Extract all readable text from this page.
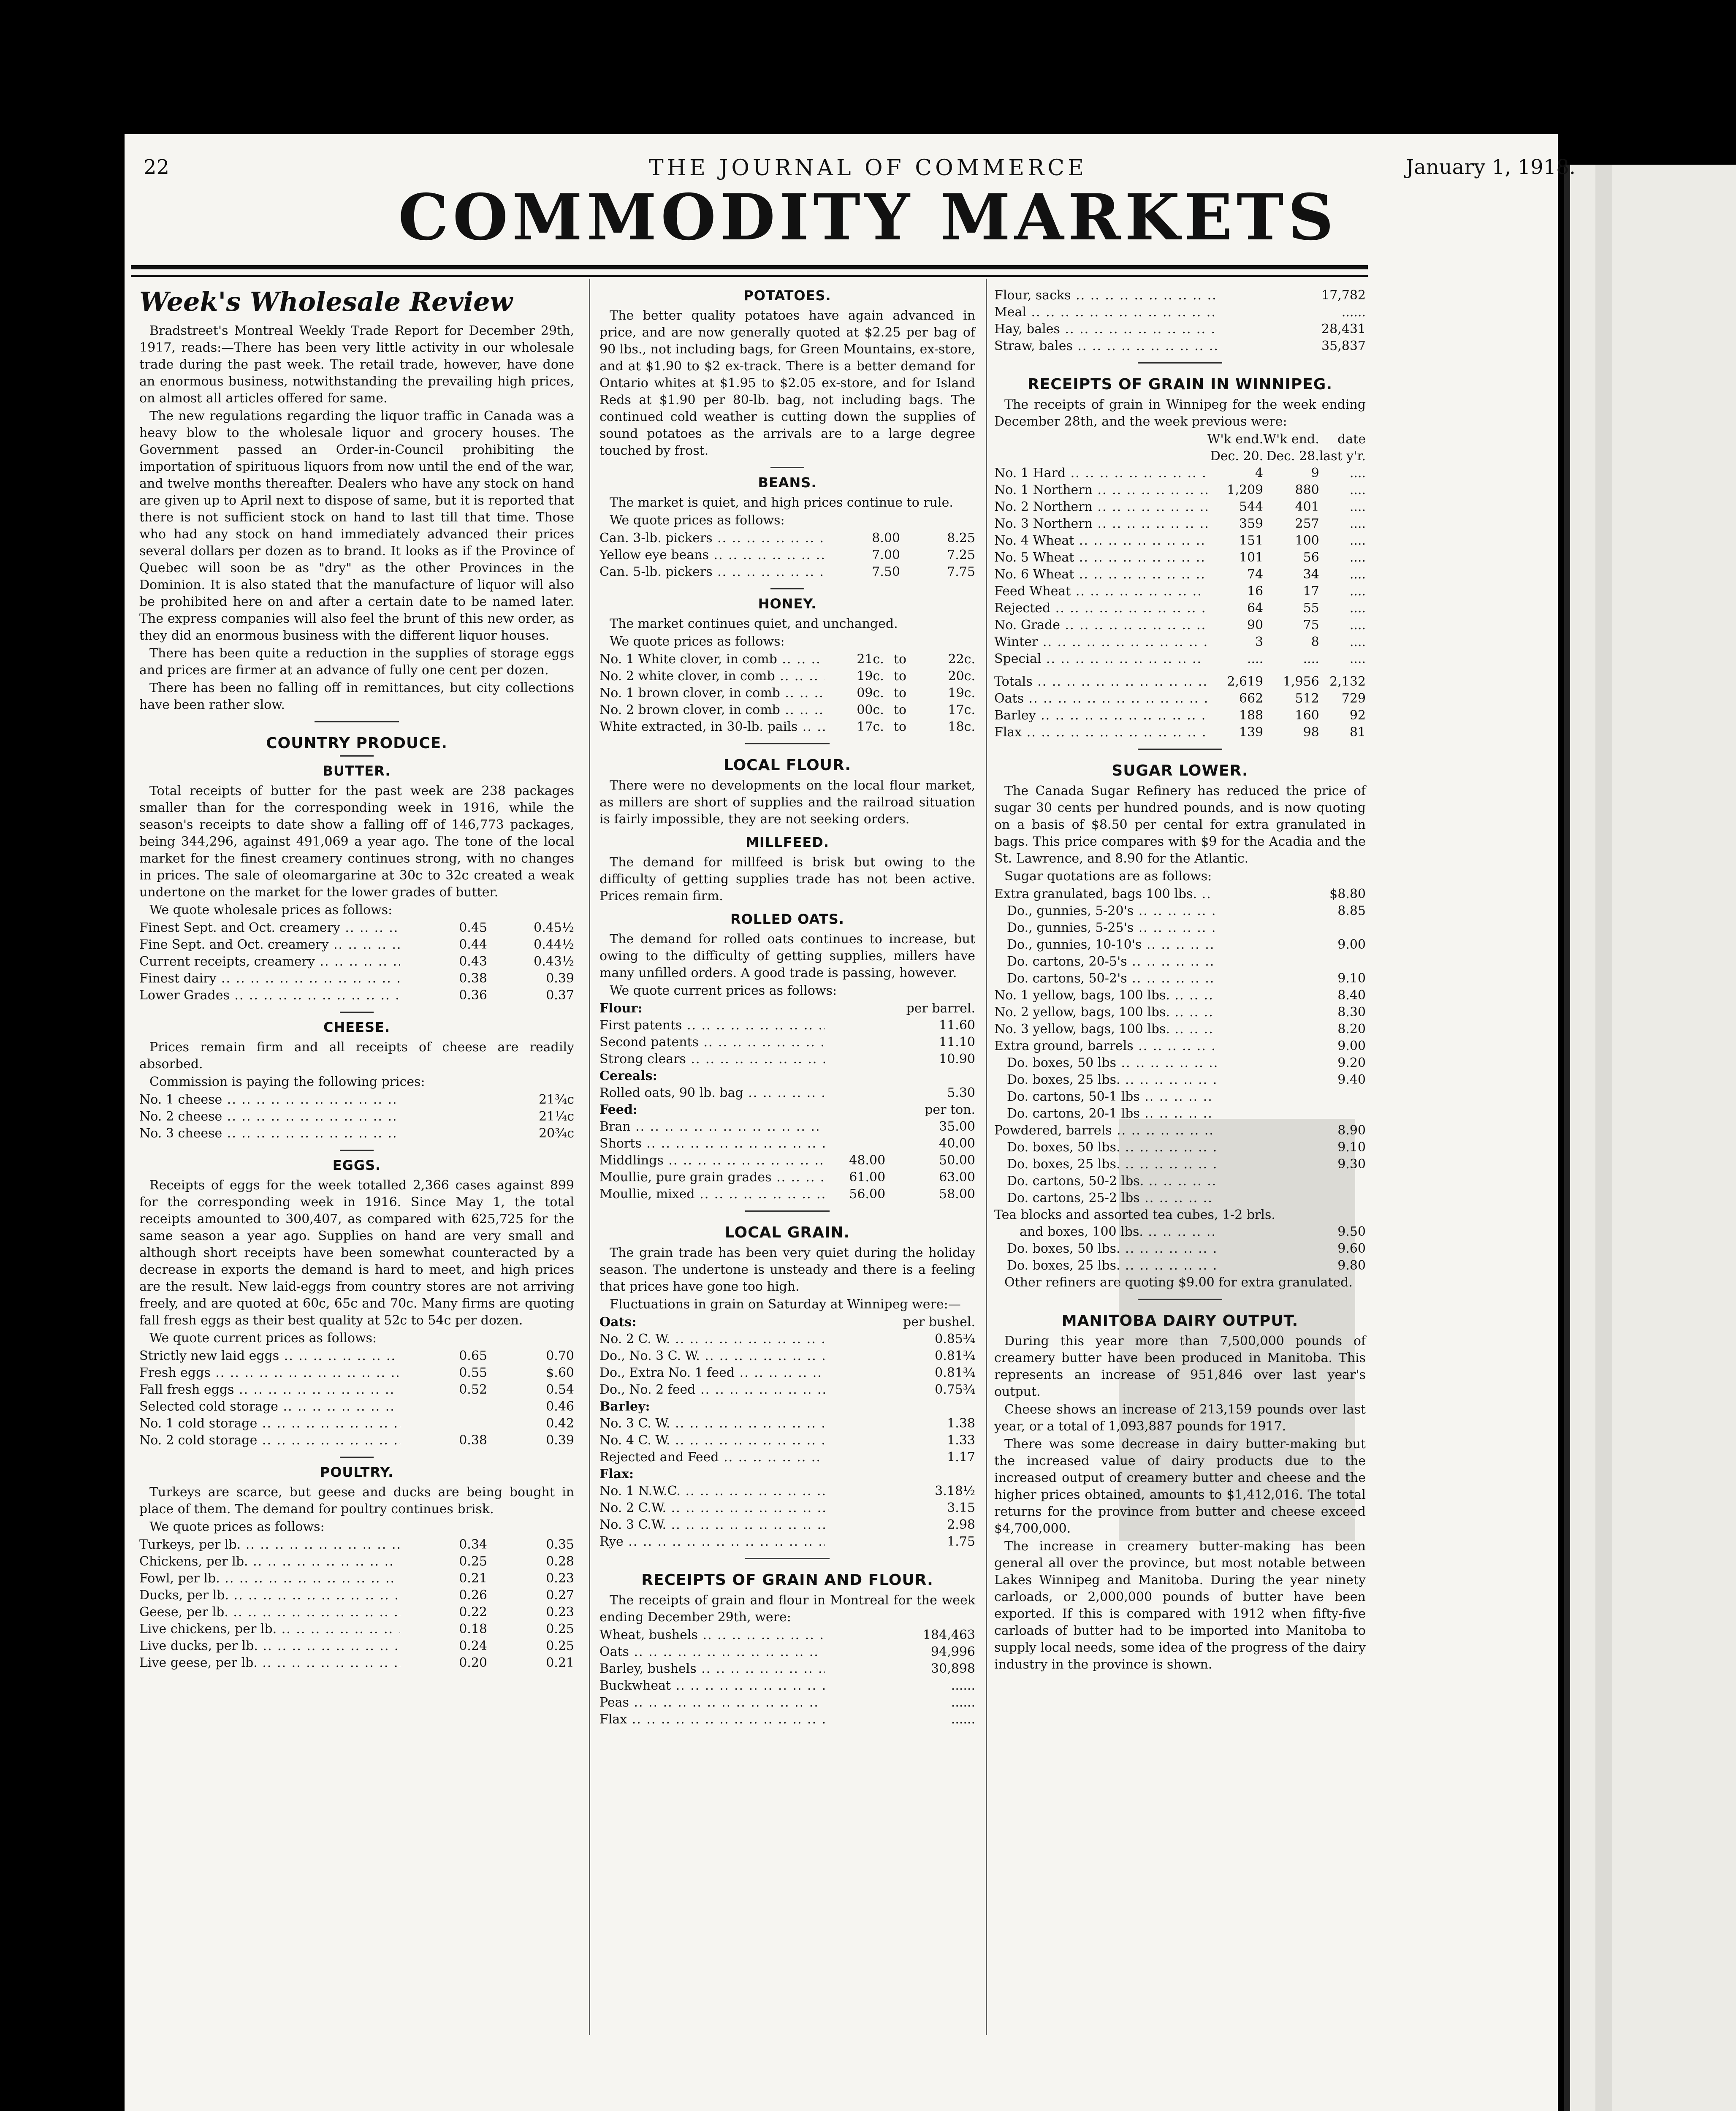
22	THE JOURNAL OF COMMERCE	January 1, 1918.
COMMODITY MARKETS
Week's Wholesale Review

Bradstreet's Montreal Weekly Trade Report for December 29th, 1917, reads:—There has been very little activity in our wholesale trade during the past week. The retail trade, however, have done an enormous business, notwithstanding the prevailing high prices, on almost all articles offered for same.

The new regulations regarding the liquor traffic in Canada was a heavy blow to the wholesale liquor and grocery houses. The Government passed an Order-in-Council prohibiting the importation of spirituous liquors from now until the end of the war, and twelve months thereafter. Dealers who have any stock on hand are given up to April next to dispose of same, but it is reported that there is not sufficient stock on hand to last till that time. Those who had any stock on hand immediately advanced their prices several dollars per dozen as to brand. It looks as if the Province of Quebec will soon be as "dry" as the other Provinces in the Dominion. It is also stated that the manufacture of liquor will also be prohibited here on and after a certain date to be named later. The express companies will also feel the brunt of this new order, as they did an enormous business with the different liquor houses.

There has been quite a reduction in the supplies of storage eggs and prices are firmer at an advance of fully one cent per dozen.

There has been no falling off in remittances, but city collections have been rather slow.

COUNTRY PRODUCE.
BUTTER.

Total receipts of butter for the past week are 238 packages smaller than for the corresponding week in 1916, while the season's receipts to date show a falling off of 146,773 packages, being 344,296, against 491,069 a year ago. The tone of the local market for the finest creamery continues strong, with no changes in prices. The sale of oleomargarine at 30c to 32c created a weak undertone on the market for the lower grades of butter.

We quote wholesale prices as follows:

Finest Sept. and Oct. creamery .. ..	0.45	0.45½
Fine Sept. and Oct. creamery .. ..	0.44	0.44½
Current receipts, creamery .. ..	0.43	0.43½
Finest dairy .. ..	0.38	0.39
Lower Grades .. ..	0.36	0.37
CHEESE.

Prices remain firm and all receipts of cheese are readily absorbed.

Commission is paying the following prices:

No. 1 cheese .. ..	21¾c
No. 2 cheese .. ..	21¼c
No. 3 cheese .. ..	20¾c
EGGS.

Receipts of eggs for the week totalled 2,366 cases against 899 for the corresponding week in 1916. Since May 1, the total receipts amounted to 300,407, as compared with 625,725 for the same season a year ago. Supplies on hand are very small and although short receipts have been somewhat counteracted by a decrease in exports the demand is hard to meet, and high prices are the result. New laid-eggs from country stores are not arriving freely, and are quoted at 60c, 65c and 70c. Many firms are quoting fall fresh eggs as their best quality at 52c to 54c per dozen.

We quote current prices as follows:

Strictly new laid eggs .. ..	0.65	0.70
Fresh eggs .. ..	0.55	$.60
Fall fresh eggs .. ..	0.52	0.54
Selected cold storage .. ..		0.46
No. 1 cold storage .. ..		0.42
No. 2 cold storage .. ..	0.38	0.39
POULTRY.

Turkeys are scarce, but geese and ducks are being bought in place of them. The demand for poultry continues brisk.

We quote prices as follows:

Turkeys, per lb. .. ..	0.34	0.35
Chickens, per lb. .. ..	0.25	0.28
Fowl, per lb. .. ..	0.21	0.23
Ducks, per lb. .. ..	0.26	0.27
Geese, per lb. .. ..	0.22	0.23
Live chickens, per lb. .. ..	0.18	0.25
Live ducks, per lb. .. ..	0.24	0.25
Live geese, per lb. .. ..	0.20	0.21
POTATOES.

The better quality potatoes have again advanced in price, and are now generally quoted at $2.25 per bag of 90 lbs., not including bags, for Green Mountains, ex-store, and at $1.90 to $2 ex-track. There is a better demand for Ontario whites at $1.95 to $2.05 ex-store, and for Island Reds at $1.90 per 80-lb. bag, not including bags. The continued cold weather is cutting down the supplies of sound potatoes as the arrivals are to a large degree touched by frost.

BEANS.

The market is quiet, and high prices continue to rule.

We quote prices as follows:

Can. 3-lb. pickers .. ..	8.00	8.25
Yellow eye beans .. ..	7.00	7.25
Can. 5-lb. pickers .. ..	7.50	7.75
HONEY.

The market continues quiet, and unchanged.

We quote prices as follows:

No. 1 White clover, in comb .. ..	21c.	to	22c.
No. 2 white clover, in comb .. ..	19c.	to	20c.
No. 1 brown clover, in comb .. ..	09c.	to	19c.
No. 2 brown clover, in comb .. ..	00c.	to	17c.
White extracted, in 30-lb. pails .. ..	17c.	to	18c.
LOCAL FLOUR.

There were no developments on the local flour market, as millers are short of supplies and the railroad situation is fairly impossible, they are not seeking orders.

MILLFEED.

The demand for millfeed is brisk but owing to the difficulty of getting supplies trade has not been active. Prices remain firm.

ROLLED OATS.

The demand for rolled oats continues to increase, but owing to the difficulty of getting supplies, millers have many unfilled orders. A good trade is passing, however.

We quote current prices as follows:

Flour:		per barrel.
First patents .. ..		11.60
Second patents .. ..		11.10
Strong clears .. ..		10.90
Cereals:		
Rolled oats, 90 lb. bag .. ..		5.30
Feed:		per ton.
Bran .. ..		35.00
Shorts .. ..		40.00
Middlings .. ..	48.00	50.00
Moullie, pure grain grades .. ..	61.00	63.00
Moullie, mixed .. ..	56.00	58.00
LOCAL GRAIN.

The grain trade has been very quiet during the holiday season. The undertone is unsteady and there is a feeling that prices have gone too high.

Fluctuations in grain on Saturday at Winnipeg were:—

Oats:	per bushel.
No. 2 C. W. .. ..	0.85¾
Do., No. 3 C. W. .. ..	0.81¾
Do., Extra No. 1 feed .. ..	0.81¾
Do., No. 2 feed .. ..	0.75¾
Barley:	
No. 3 C. W. .. ..	1.38
No. 4 C. W. .. ..	1.33
Rejected and Feed .. ..	1.17
Flax:	
No. 1 N.W.C. .. ..	3.18½
No. 2 C.W. .. ..	3.15
No. 3 C.W. .. ..	2.98
Rye .. ..	1.75
RECEIPTS OF GRAIN AND FLOUR.

The receipts of grain and flour in Montreal for the week ending December 29th, were:

Wheat, bushels .. ..	184,463
Oats .. ..	94,996
Barley, bushels .. ..	30,898
Buckwheat .. ..	......
Peas .. ..	......
Flax .. ..	......
Flour, sacks .. ..	17,782
Meal .. ..	......
Hay, bales .. ..	28,431
Straw, bales .. ..	35,837
RECEIPTS OF GRAIN IN WINNIPEG.

The receipts of grain in Winnipeg for the week ending December 28th, and the week previous were:

	W'k end.	W'k end.	date
	Dec. 20.	Dec. 28.	last y'r.
No. 1 Hard .. ..	4	9	....
No. 1 Northern .. ..	1,209	880	....
No. 2 Northern .. ..	544	401	....
No. 3 Northern .. ..	359	257	....
No. 4 Wheat .. ..	151	100	....
No. 5 Wheat .. ..	101	56	....
No. 6 Wheat .. ..	74	34	....
Feed Wheat .. ..	16	17	....
Rejected .. ..	64	55	....
No. Grade .. ..	90	75	....
Winter .. ..	3	8	....
Special .. ..	....	....	....
Totals .. ..	2,619	1,956	2,132
Oats .. ..	662	512	729
Barley .. ..	188	160	92
Flax .. ..	139	98	81
SUGAR LOWER.

The Canada Sugar Refinery has reduced the price of sugar 30 cents per hundred pounds, and is now quoting on a basis of $8.50 per cental for extra granulated in bags. This price compares with $9 for the Acadia and the St. Lawrence, and 8.90 for the Atlantic.

Sugar quotations are as follows:

Extra granulated, bags 100 lbs. .. ..	$8.80
Do., gunnies, 5-20's .. ..	8.85
Do., gunnies, 5-25's .. ..	
Do., gunnies, 10-10's .. ..	9.00
Do. cartons, 20-5's .. ..	
Do. cartons, 50-2's .. ..	9.10
No. 1 yellow, bags, 100 lbs. .. ..	8.40
No. 2 yellow, bags, 100 lbs. .. ..	8.30
No. 3 yellow, bags, 100 lbs. .. ..	8.20
Extra ground, barrels .. ..	9.00
Do. boxes, 50 lbs .. ..	9.20
Do. boxes, 25 lbs. .. ..	9.40
Do. cartons, 50-1 lbs .. ..	
Do. cartons, 20-1 lbs .. ..	
Powdered, barrels .. ..	8.90
Do. boxes, 50 lbs. .. ..	9.10
Do. boxes, 25 lbs. .. ..	9.30
Do. cartons, 50-2 lbs. .. ..	
Do. cartons, 25-2 lbs .. ..	
Tea blocks and assorted tea cubes, 1-2 brls.	
and boxes, 100 lbs. .. ..	9.50
Do. boxes, 50 lbs. .. ..	9.60
Do. boxes, 25 lbs. .. ..	9.80

Other refiners are quoting $9.00 for extra granulated.

MANITOBA DAIRY OUTPUT.

During this year more than 7,500,000 pounds of creamery butter have been produced in Manitoba. This represents an increase of 951,846 over last year's output.

Cheese shows an increase of 213,159 pounds over last year, or a total of 1,093,887 pounds for 1917.

There was some decrease in dairy butter-making but the increased value of dairy products due to the increased output of creamery butter and cheese and the higher prices obtained, amounts to $1,412,016. The total returns for the province from butter and cheese exceed $4,700,000.

The increase in creamery butter-making has been general all over the province, but most notable between Lakes Winnipeg and Manitoba. During the year ninety carloads, or 2,000,000 pounds of butter have been exported. If this is compared with 1912 when fifty-five carloads of butter had to be imported into Manitoba to supply local needs, some idea of the progress of the dairy industry in the province is shown.
